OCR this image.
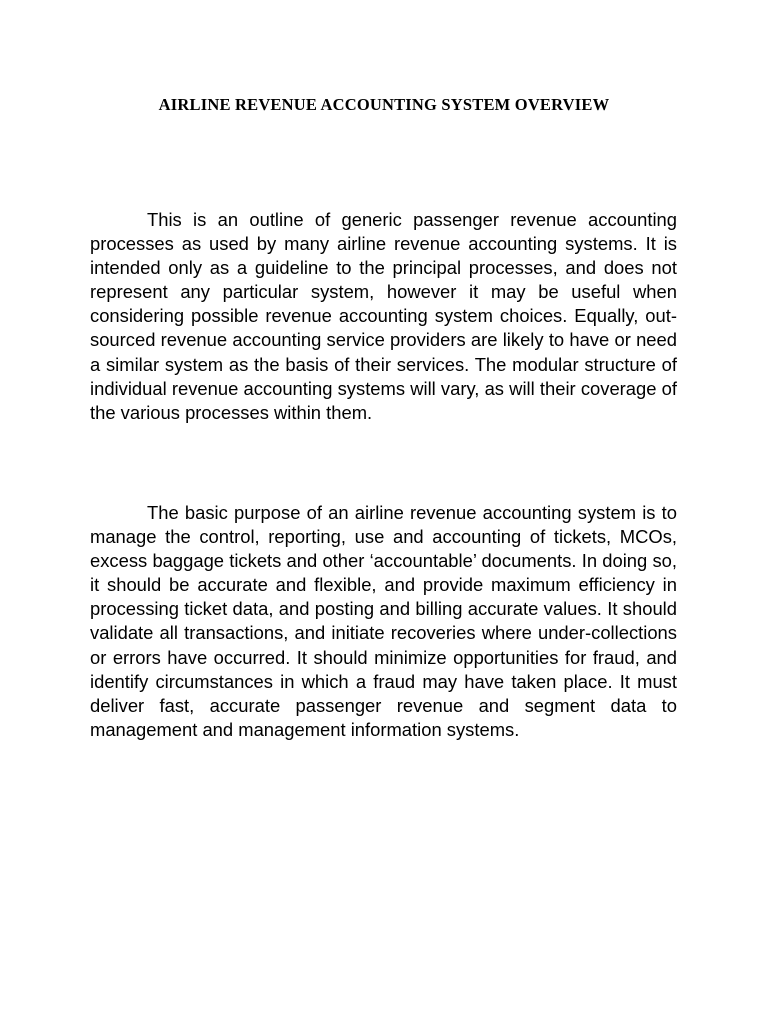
AIRLINE REVENUE ACCOUNTING SYSTEM OVERVIEW

This is an outline of generic passenger revenue accounting processes as used by many airline revenue accounting systems. It is intended only as a guideline to the principal processes, and does not represent any particular system, however it may be useful when considering possible revenue accounting system choices. Equally, out-sourced revenue accounting service providers are likely to have or need a similar system as the basis of their services. The modular structure of individual revenue accounting systems will vary, as will their coverage of the various processes within them.

The basic purpose of an airline revenue accounting system is to manage the control, reporting, use and accounting of tickets, MCOs, excess baggage tickets and other ‘accountable’ documents. In doing so, it should be accurate and flexible, and provide maximum efficiency in processing ticket data, and posting and billing accurate values. It should validate all transactions, and initiate recoveries where under-collections or errors have occurred. It should minimize opportunities for fraud, and identify circumstances in which a fraud may have taken place. It must deliver fast, accurate passenger revenue and segment data to management and management information systems.
